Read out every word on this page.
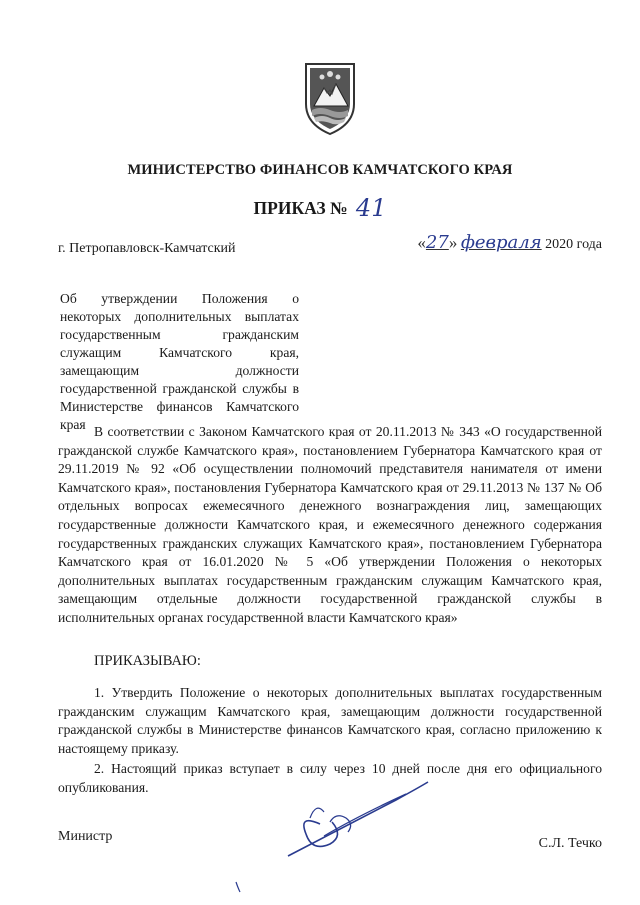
МИНИСТЕРСТВО ФИНАНСОВ КАМЧАТСКОГО КРАЯ
ПРИКАЗ № 41
г. Петропавловск-Камчатский	«27» февраля 2020 года
Об утверждении Положения о некоторых дополнительных выплатах государственным гражданским служащим Камчатского края, замещающим должности государственной гражданской службы в Министерстве финансов Камчатского края В соответствии с Законом Камчатского края от 20.11.2013 № 343 «О государственной гражданской службе Камчатского края», постановлением Губернатора Камчатского края от 29.11.2019 № 92 «Об осуществлении полномочий представителя нанимателя от имени Камчатского края», постановления Губернатора Камчатского края от 29.11.2013 № 137 № Об отдельных вопросах ежемесячного денежного вознаграждения лиц, замещающих государственные должности Камчатского края, и ежемесячного денежного содержания государственных гражданских служащих Камчатского края», постановлением Губернатора Камчатского края от 16.01.2020 № 5 «Об утверждении Положения о некоторых дополнительных выплатах государственным гражданским служащим Камчатского края, замещающим отдельные должности государственной гражданской службы в исполнительных органах государственной власти Камчатского края»
ПРИКАЗЫВАЮ:
1. Утвердить Положение о некоторых дополнительных выплатах государственным гражданским служащим Камчатского края, замещающим должности государственной гражданской службы в Министерстве финансов Камчатского края, согласно приложению к настоящему приказу.
2. Настоящий приказ вступает в силу через 10 дней после дня его официального опубликования.
Министр	С.Л. Течко
